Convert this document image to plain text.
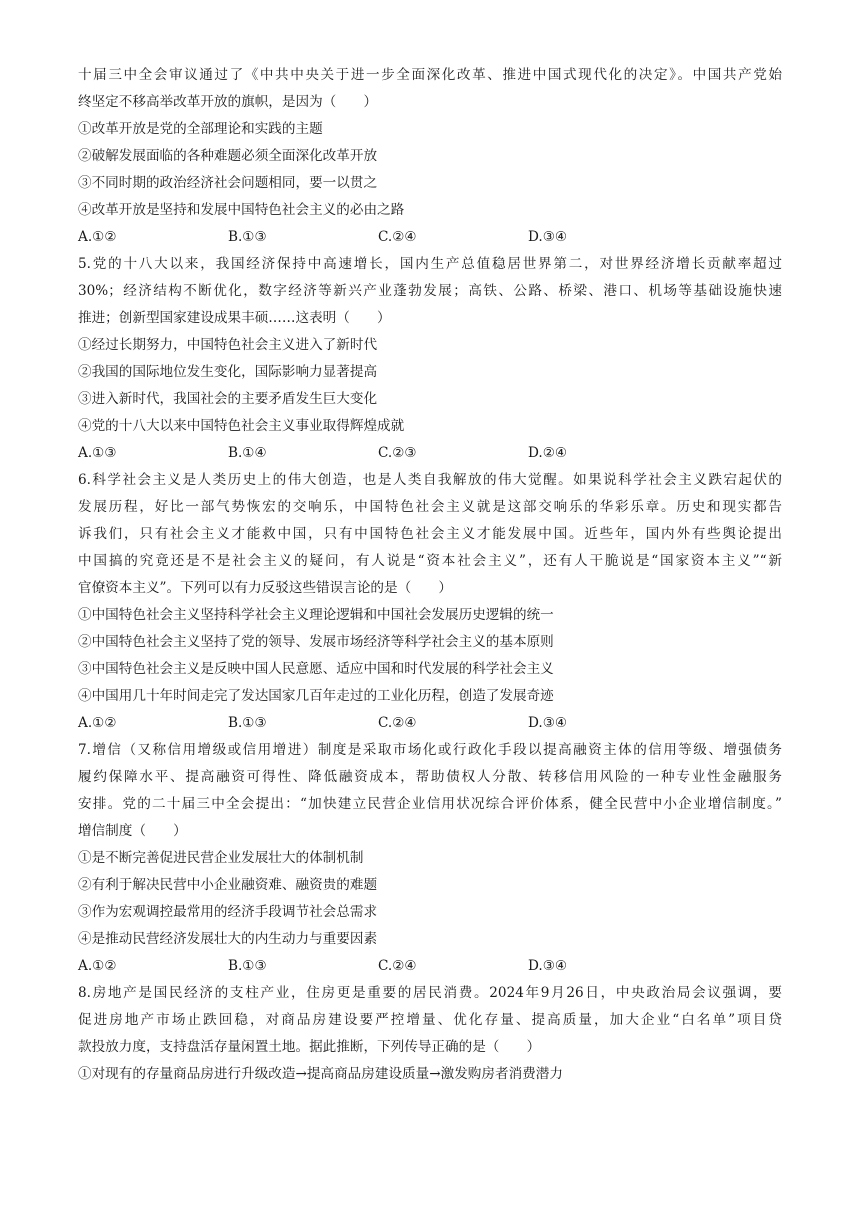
十届三中全会审议通过了《中共中央关于进一步全面深化改革、推进中国式现代化的决定》。中国共产党始
终坚定不移高举改革开放的旗帜，是因为（　　）
①改革开放是党的全部理论和实践的主题
②破解发展面临的各种难题必须全面深化改革开放
③不同时期的政治经济社会问题相同，要一以贯之
④改革开放是坚持和发展中国特色社会主义的必由之路
A.①②	B.①③	C.②④	D.③④
5.党的十八大以来，我国经济保持中高速增长，国内生产总值稳居世界第二，对世界经济增长贡献率超过
30%；经济结构不断优化，数字经济等新兴产业蓬勃发展；高铁、公路、桥梁、港口、机场等基础设施快速
推进；创新型国家建设成果丰硕……这表明（　　）
①经过长期努力，中国特色社会主义进入了新时代
②我国的国际地位发生变化，国际影响力显著提高
③进入新时代，我国社会的主要矛盾发生巨大变化
④党的十八大以来中国特色社会主义事业取得辉煌成就
A.①③	B.①④	C.②③	D.②④
6.科学社会主义是人类历史上的伟大创造，也是人类自我解放的伟大觉醒。如果说科学社会主义跌宕起伏的
发展历程，好比一部气势恢宏的交响乐，中国特色社会主义就是这部交响乐的华彩乐章。历史和现实都告
诉我们，只有社会主义才能救中国，只有中国特色社会主义才能发展中国。近些年，国内外有些舆论提出
中国搞的究竟还是不是社会主义的疑问，有人说是“资本社会主义”，还有人干脆说是“国家资本主义”“新
官僚资本主义”。下列可以有力反驳这些错误言论的是（　　）
①中国特色社会主义坚持科学社会主义理论逻辑和中国社会发展历史逻辑的统一
②中国特色社会主义坚持了党的领导、发展市场经济等科学社会主义的基本原则
③中国特色社会主义是反映中国人民意愿、适应中国和时代发展的科学社会主义
④中国用几十年时间走完了发达国家几百年走过的工业化历程，创造了发展奇迹
A.①②	B.①③	C.②④	D.③④
7.增信（又称信用增级或信用增进）制度是采取市场化或行政化手段以提高融资主体的信用等级、增强债务
履约保障水平、提高融资可得性、降低融资成本，帮助债权人分散、转移信用风险的一种专业性金融服务
安排。党的二十届三中全会提出：“加快建立民营企业信用状况综合评价体系，健全民营中小企业增信制度。”
增信制度（　　）
①是不断完善促进民营企业发展壮大的体制机制
②有利于解决民营中小企业融资难、融资贵的难题
③作为宏观调控最常用的经济手段调节社会总需求
④是推动民营经济发展壮大的内生动力与重要因素
A.①②	B.①③	C.②④	D.③④
8.房地产是国民经济的支柱产业，住房更是重要的居民消费。2024年9月26日，中央政治局会议强调，要
促进房地产市场止跌回稳，对商品房建设要严控增量、优化存量、提高质量，加大企业“白名单”项目贷
款投放力度，支持盘活存量闲置土地。据此推断，下列传导正确的是（　　）
①对现有的存量商品房进行升级改造→提高商品房建设质量→激发购房者消费潜力
